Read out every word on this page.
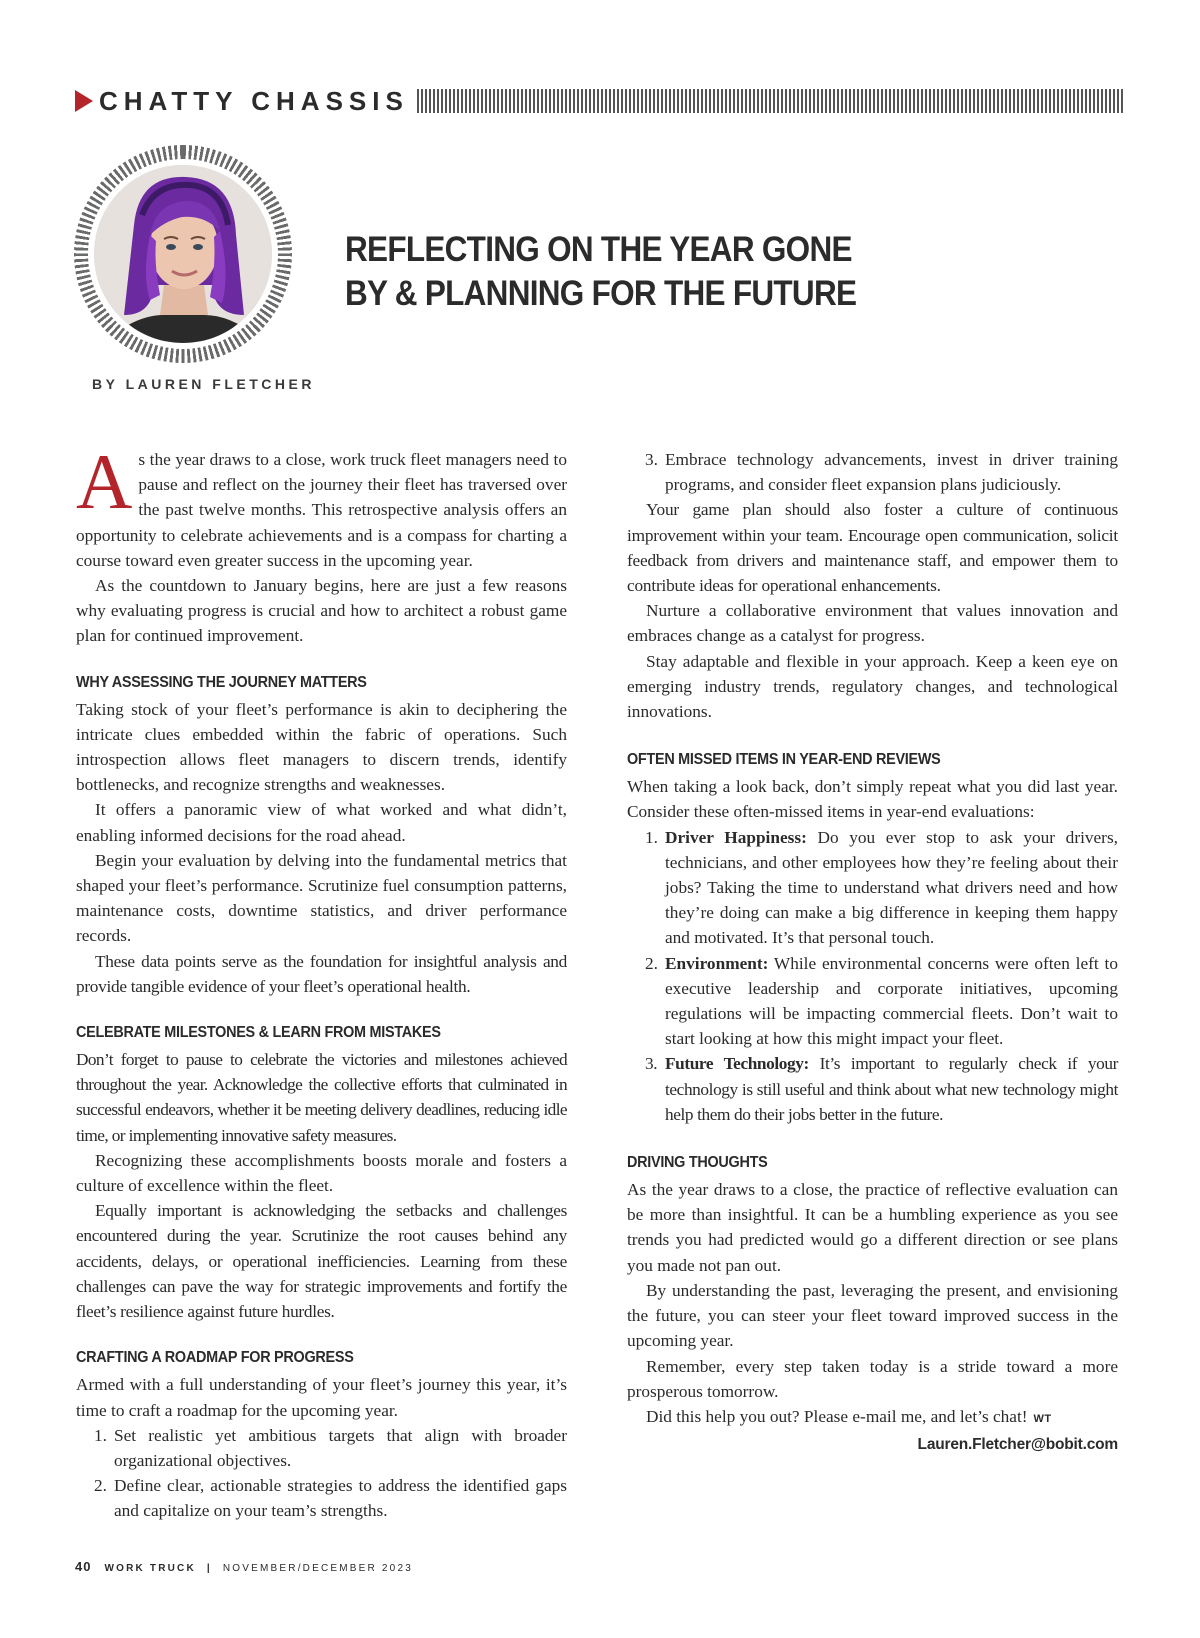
CHATTY CHASSIS
BY LAUREN FLETCHER
REFLECTING ON THE YEAR GONE
BY & PLANNING FOR THE FUTURE

As the year draws to a close, work truck fleet managers need to pause and reflect on the journey their fleet has traversed over the past twelve months. This retrospective analysis offers an opportunity to celebrate achievements and is a compass for charting a course toward even greater success in the upcoming year.

As the countdown to January begins, here are just a few reasons why evaluating progress is crucial and how to architect a robust game plan for continued improvement.

WHY ASSESSING THE JOURNEY MATTERS

Taking stock of your fleet’s performance is akin to deciphering the intricate clues embedded within the fabric of operations. Such introspection allows fleet managers to discern trends, identify bottlenecks, and recognize strengths and weaknesses.

It offers a panoramic view of what worked and what didn’t, enabling informed decisions for the road ahead.

Begin your evaluation by delving into the fundamental metrics that shaped your fleet’s performance. Scrutinize fuel consumption patterns, maintenance costs, downtime statistics, and driver performance records.

These data points serve as the foundation for insightful analysis and provide tangible evidence of your fleet’s operational health.

CELEBRATE MILESTONES & LEARN FROM MISTAKES

Don’t forget to pause to celebrate the victories and milestones achieved throughout the year. Acknowledge the collective efforts that culminated in successful endeavors, whether it be meeting delivery deadlines, reducing idle time, or implementing innovative safety measures.

Recognizing these accomplishments boosts morale and fosters a culture of excellence within the fleet.

Equally important is acknowledging the setbacks and challenges encountered during the year. Scrutinize the root causes behind any accidents, delays, or operational inefficiencies. Learning from these challenges can pave the way for strategic improvements and fortify the fleet’s resilience against future hurdles.

CRAFTING A ROADMAP FOR PROGRESS

Armed with a full understanding of your fleet’s journey this year, it’s time to craft a roadmap for the upcoming year.

1. Set realistic yet ambitious targets that align with broader organizational objectives.
2. Define clear, actionable strategies to address the identified gaps and capitalize on your team’s strengths.
3. Embrace technology advancements, invest in driver training programs, and consider fleet expansion plans judiciously.

Your game plan should also foster a culture of continuous improvement within your team. Encourage open communication, solicit feedback from drivers and maintenance staff, and empower them to contribute ideas for operational enhancements.

Nurture a collaborative environment that values innovation and embraces change as a catalyst for progress.

Stay adaptable and flexible in your approach. Keep a keen eye on emerging industry trends, regulatory changes, and technological innovations.

OFTEN MISSED ITEMS IN YEAR-END REVIEWS

When taking a look back, don’t simply repeat what you did last year. Consider these often-missed items in year-end evaluations:

1. Driver Happiness: Do you ever stop to ask your drivers, technicians, and other employees how they’re feeling about their jobs? Taking the time to understand what drivers need and how they’re doing can make a big difference in keeping them happy and motivated. It’s that personal touch.
2. Environment: While environmental concerns were often left to executive leadership and corporate initiatives, upcoming regulations will be impacting commercial fleets. Don’t wait to start looking at how this might impact your fleet.
3. Future Technology: It’s important to regularly check if your technology is still useful and think about what new technology might help them do their jobs better in the future.
DRIVING THOUGHTS

As the year draws to a close, the practice of reflective evaluation can be more than insightful. It can be a humbling experience as you see trends you had predicted would go a different direction or see plans you made not pan out.

By understanding the past, leveraging the present, and envisioning the future, you can steer your fleet toward improved success in the upcoming year.

Remember, every step taken today is a stride toward a more prosperous tomorrow.

Did this help you out? Please e-mail me, and let’s chat! WT

Lauren.Fletcher@bobit.com
40 WORK TRUCK | NOVEMBER/DECEMBER 2023
